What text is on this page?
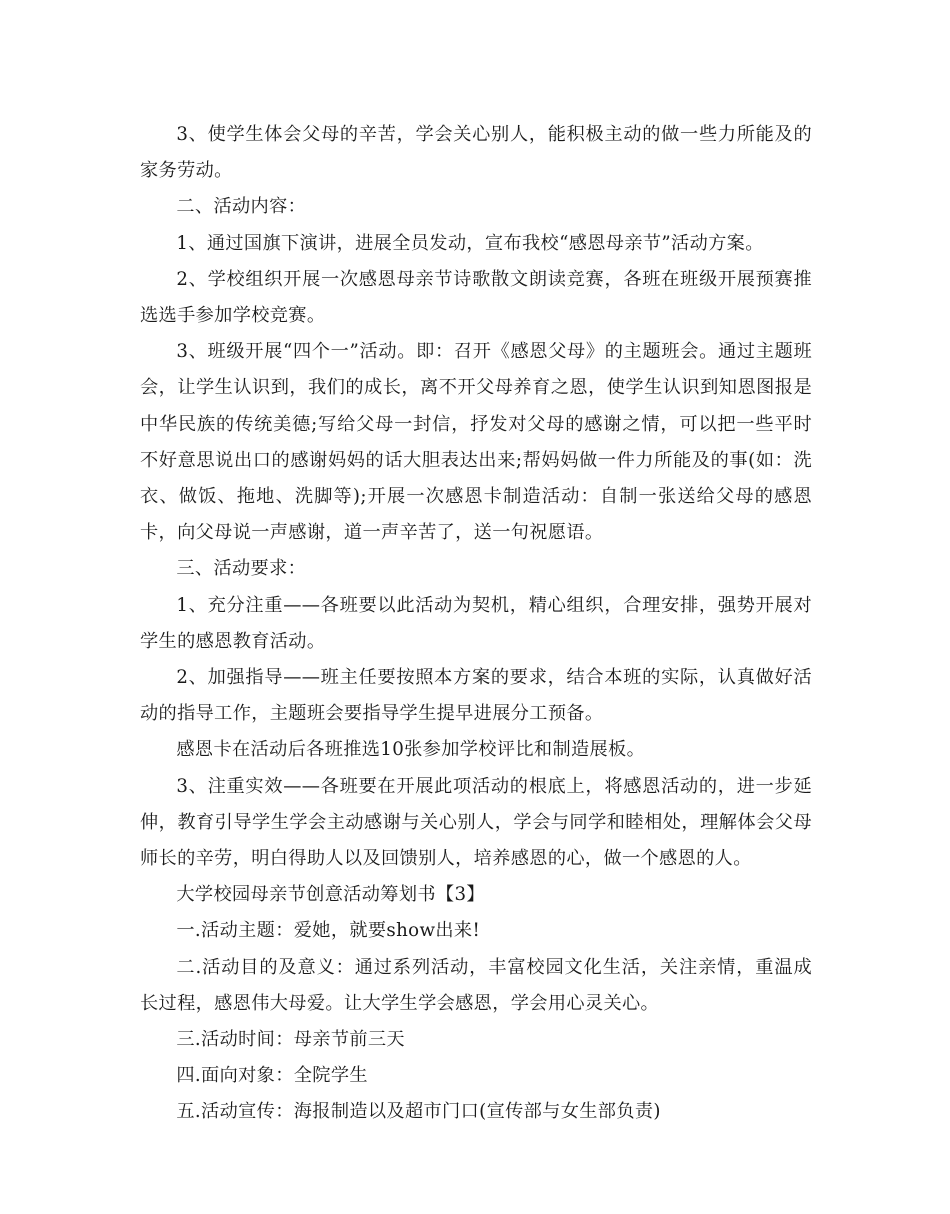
3、使学生体会父母的辛苦，学会关心别人，能积极主动的做一些力所能及的家务劳动。

二、活动内容：

1、通过国旗下演讲，进展全员发动，宣布我校“感恩母亲节”活动方案。

2、学校组织开展一次感恩母亲节诗歌散文朗读竞赛，各班在班级开展预赛推选选手参加学校竞赛。

3、班级开展“四个一”活动。即：召开《感恩父母》的主题班会。通过主题班会，让学生认识到，我们的成长，离不开父母养育之恩，使学生认识到知恩图报是中华民族的传统美德;写给父母一封信，抒发对父母的感谢之情，可以把一些平时不好意思说出口的感谢妈妈的话大胆表达出来;帮妈妈做一件力所能及的事(如：洗衣、做饭、拖地、洗脚等);开展一次感恩卡制造活动：自制一张送给父母的感恩卡，向父母说一声感谢，道一声辛苦了，送一句祝愿语。

三、活动要求：

1、充分注重——各班要以此活动为契机，精心组织，合理安排，强势开展对学生的感恩教育活动。

2、加强指导——班主任要按照本方案的要求，结合本班的实际，认真做好活动的指导工作，主题班会要指导学生提早进展分工预备。

感恩卡在活动后各班推选10张参加学校评比和制造展板。

3、注重实效——各班要在开展此项活动的根底上，将感恩活动的，进一步延伸，教育引导学生学会主动感谢与关心别人，学会与同学和睦相处，理解体会父母师长的辛劳，明白得助人以及回馈别人，培养感恩的心，做一个感恩的人。

大学校园母亲节创意活动筹划书【3】

一.活动主题：爱她，就要show出来!

二.活动目的及意义：通过系列活动，丰富校园文化生活，关注亲情，重温成长过程，感恩伟大母爱。让大学生学会感恩，学会用心灵关心。

三.活动时间：母亲节前三天

四.面向对象：全院学生

五.活动宣传：海报制造以及超市门口(宣传部与女生部负责)
